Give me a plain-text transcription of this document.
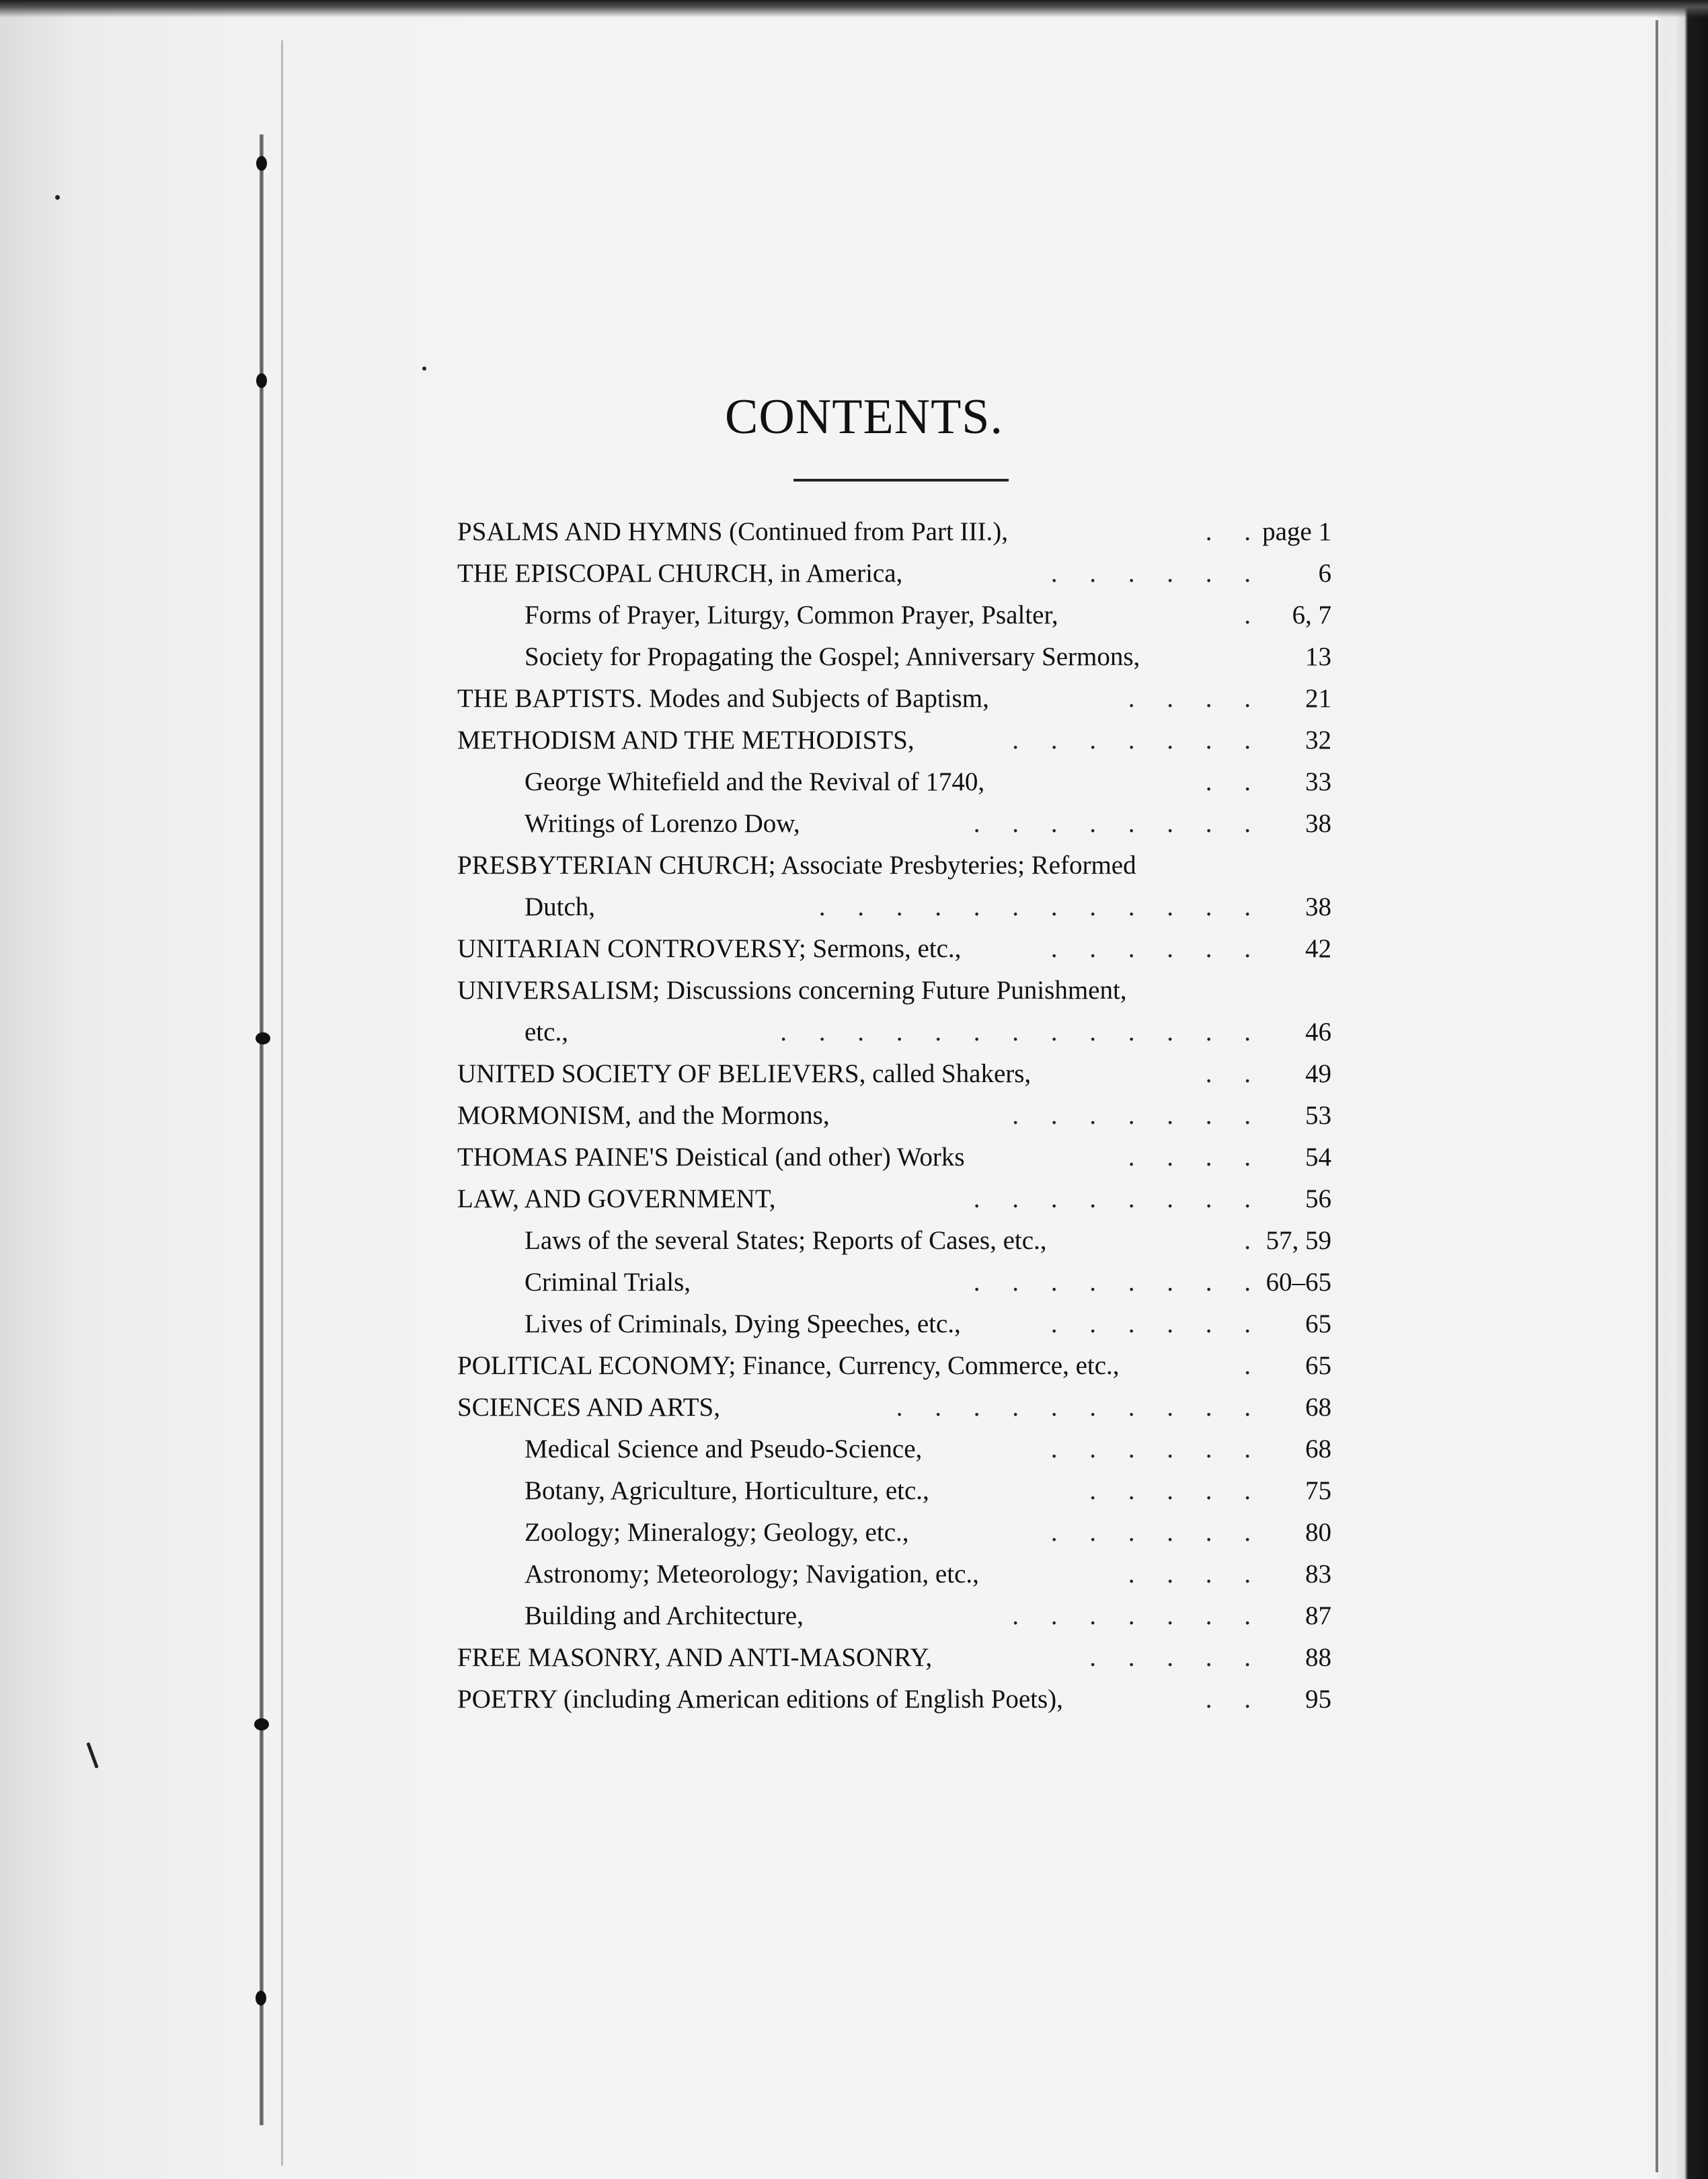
CONTENTS.
PSALMS AND HYMNS (Continued from Part III.),	. . page 1
THE EPISCOPAL CHURCH, in America,	. . . . . .	6
Forms of Prayer, Liturgy, Common Prayer, Psalter,	. 6, 7
Society for Propagating the Gospel; Anniversary Sermons,	13
THE BAPTISTS. Modes and Subjects of Baptism,	. . . . 21
METHODISM AND THE METHODISTS,	. . . . . . . 32
George Whitefield and the Revival of 1740,	. . 33
Writings of Lorenzo Dow,	. . . . . . . . 38
PRESBYTERIAN CHURCH; Associate Presbyteries; Reformed
Dutch,	. . . . . . . . . . . . 38
UNITARIAN CONTROVERSY; Sermons, etc.,	. . . . . . 42
UNIVERSALISM; Discussions concerning Future Punishment,
etc.,	. . . . . . . . . . . . . 46
UNITED SOCIETY OF BELIEVERS, called Shakers,	. . 49
MORMONISM, and the Mormons,	. . . . . . . 53
THOMAS PAINE'S Deistical (and other) Works	. . . . 54
LAW, AND GOVERNMENT,	. . . . . . . . 56
Laws of the several States; Reports of Cases, etc.,	. 57, 59
Criminal Trials,	. . . . . . . . 60–65
Lives of Criminals, Dying Speeches, etc.,	. . . . . . 65
POLITICAL ECONOMY; Finance, Currency, Commerce, etc.,	. 65
SCIENCES AND ARTS,	. . . . . . . . . . 68
Medical Science and Pseudo-Science,	. . . . . . 68
Botany, Agriculture, Horticulture, etc.,	. . . . . 75
Zoology; Mineralogy; Geology, etc.,	. . . . . . 80
Astronomy; Meteorology; Navigation, etc.,	. . . . 83
Building and Architecture,	. . . . . . . 87
FREE MASONRY, AND ANTI-MASONRY,	. . . . . 88
POETRY (including American editions of English Poets),	. . 95
